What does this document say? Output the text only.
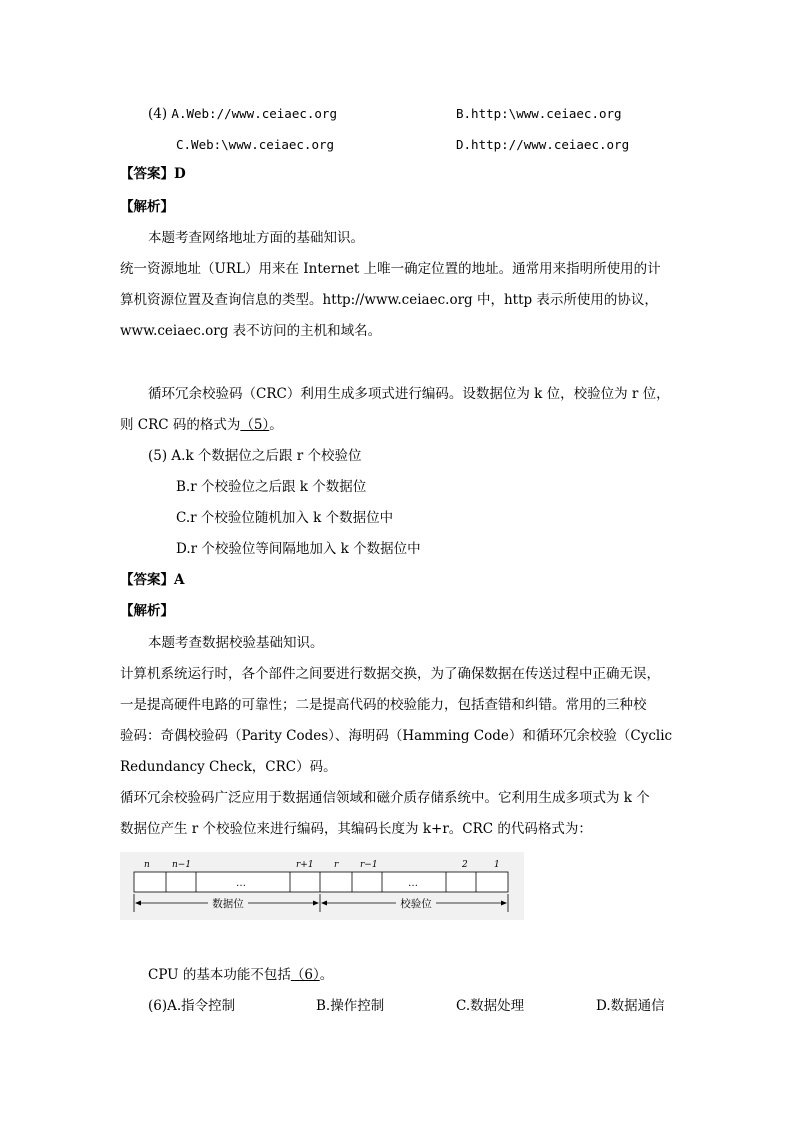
(4) A.Web://www.ceiaec.org	B.http:\www.ceiaec.org
C.Web:\www.ceiaec.org	D.http://www.ceiaec.org
【答案】D
【解析】
本题考查网络地址方面的基础知识。
统一资源地址（URL）用来在 Internet 上唯一确定位置的地址。通常用来指明所使用的计
算机资源位置及查询信息的类型。http://www.ceiaec.org 中，http 表示所使用的协议，
www.ceiaec.org 表不访问的主机和域名。
循环冗余校验码（CRC）利用生成多项式进行编码。设数据位为 k 位，校验位为 r 位，
则 CRC 码的格式为（5）。
(5) A.k 个数据位之后跟 r 个校验位
B.r 个校验位之后跟 k 个数据位
C.r 个校验位随机加入 k 个数据位中
D.r 个校验位等间隔地加入 k 个数据位中
【答案】A
【解析】
本题考查数据校验基础知识。
计算机系统运行时，各个部件之间要进行数据交换，为了确保数据在传送过程中正确无误，
一是提高硬件电路的可靠性；二是提高代码的校验能力，包括查错和纠错。常用的三种校
验码：奇偶校验码（Parity Codes）、海明码（Hamming Code）和循环冗余校验（Cyclic
Redundancy Check，CRC）码。
循环冗余校验码广泛应用于数据通信领域和磁介质存储系统中。它利用生成多项式为 k 个
数据位产生 r 个校验位来进行编码，其编码长度为 k+r。CRC 的代码格式为：
n n−1	r+1 r r−1	2	1
…	…
数据位	校验位
CPU 的基本功能不包括（6）。
(6)A.指令控制	B.操作控制	C.数据处理	D.数据通信
